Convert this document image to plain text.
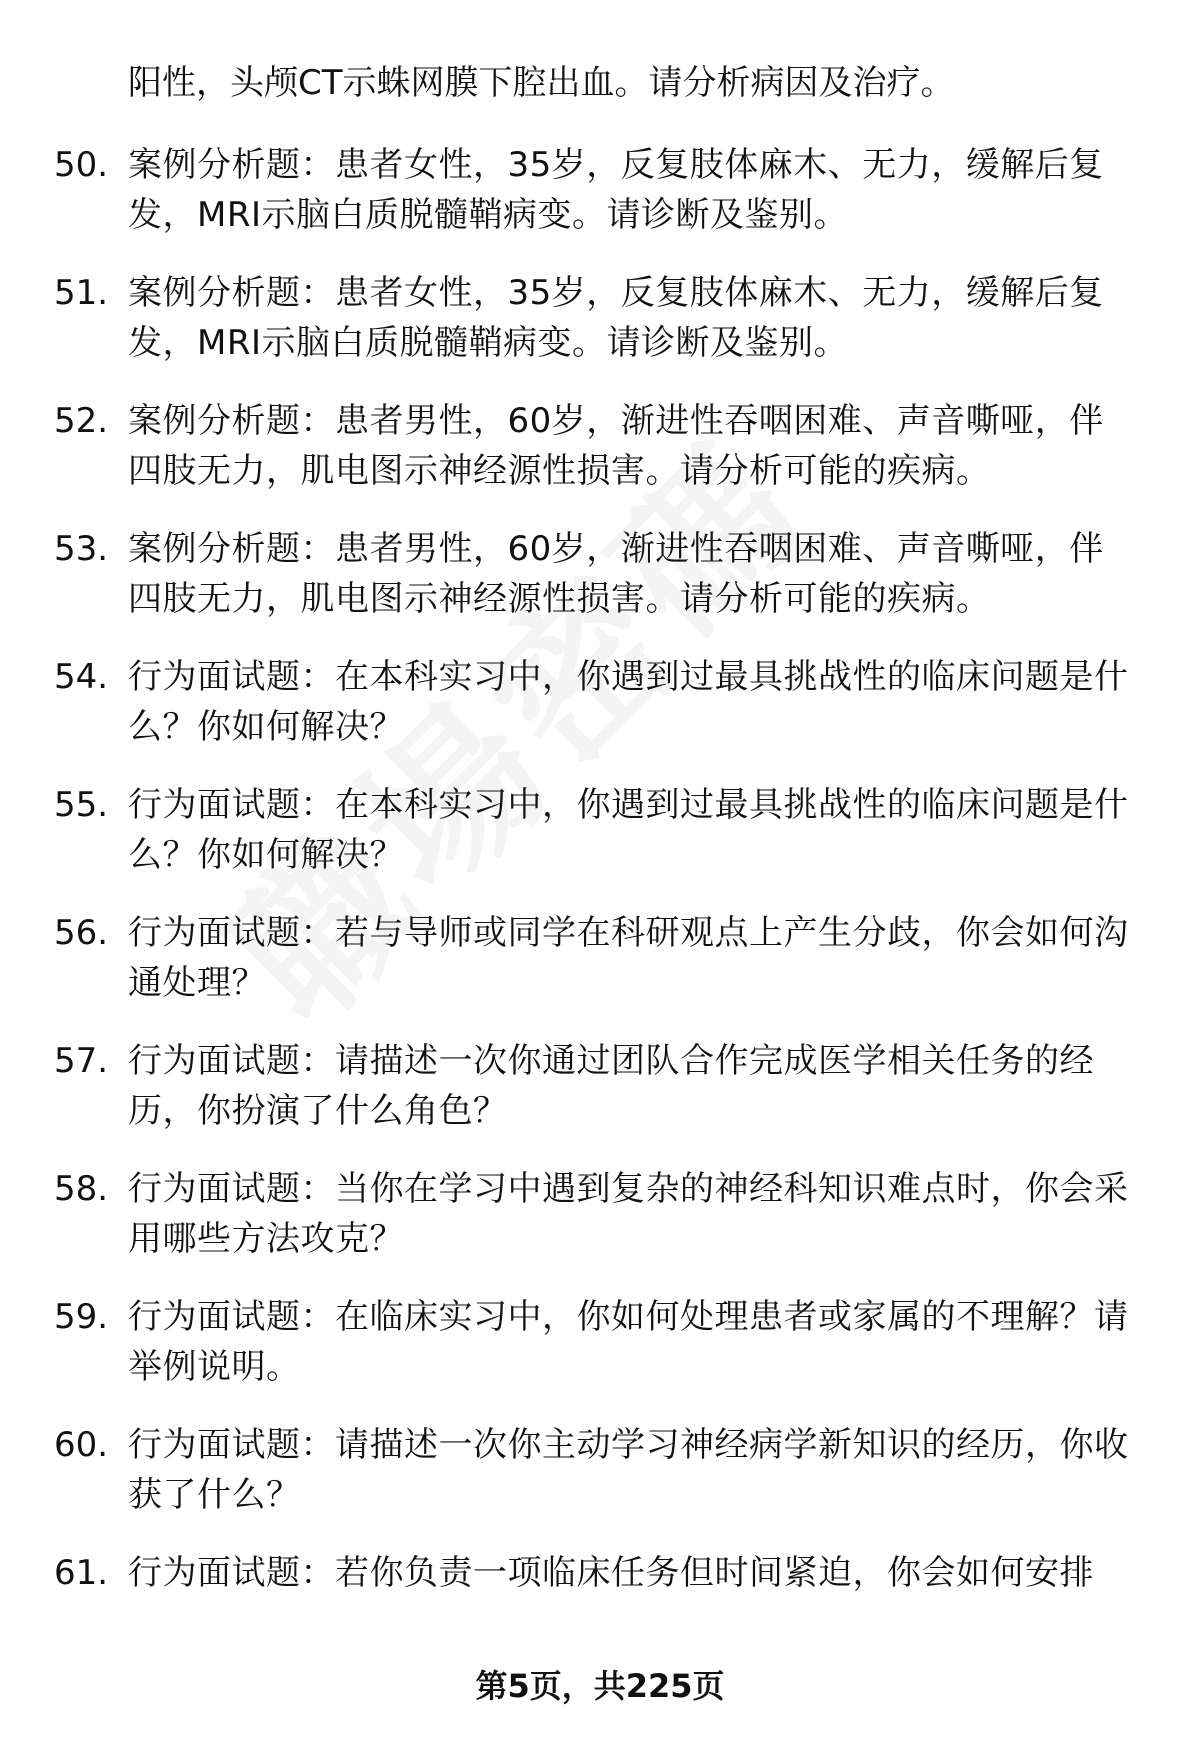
阳性，头颅CT示蛛网膜下腔出血。请分析病因及治疗。
50. 案例分析题：患者女性，35岁，反复肢体麻木、无力，缓解后复发，MRI示脑白质脱髓鞘病变。请诊断及鉴别。
51. 案例分析题：患者女性，35岁，反复肢体麻木、无力，缓解后复发，MRI示脑白质脱髓鞘病变。请诊断及鉴别。
52. 案例分析题：患者男性，60岁，渐进性吞咽困难、声音嘶哑，伴四肢无力，肌电图示神经源性损害。请分析可能的疾病。
53. 案例分析题：患者男性，60岁，渐进性吞咽困难、声音嘶哑，伴四肢无力，肌电图示神经源性损害。请分析可能的疾病。
54. 行为面试题：在本科实习中，你遇到过最具挑战性的临床问题是什么？你如何解决？
55. 行为面试题：在本科实习中，你遇到过最具挑战性的临床问题是什么？你如何解决？
56. 行为面试题：若与导师或同学在科研观点上产生分歧，你会如何沟通处理？
57. 行为面试题：请描述一次你通过团队合作完成医学相关任务的经历，你扮演了什么角色？
58. 行为面试题：当你在学习中遇到复杂的神经科知识难点时，你会采用哪些方法攻克？
59. 行为面试题：在临床实习中，你如何处理患者或家属的不理解？请举例说明。
60. 行为面试题：请描述一次你主动学习神经病学新知识的经历，你收获了什么？
61. 行为面试题：若你负责一项临床任务但时间紧迫，你会如何安排
第5页，共225页
